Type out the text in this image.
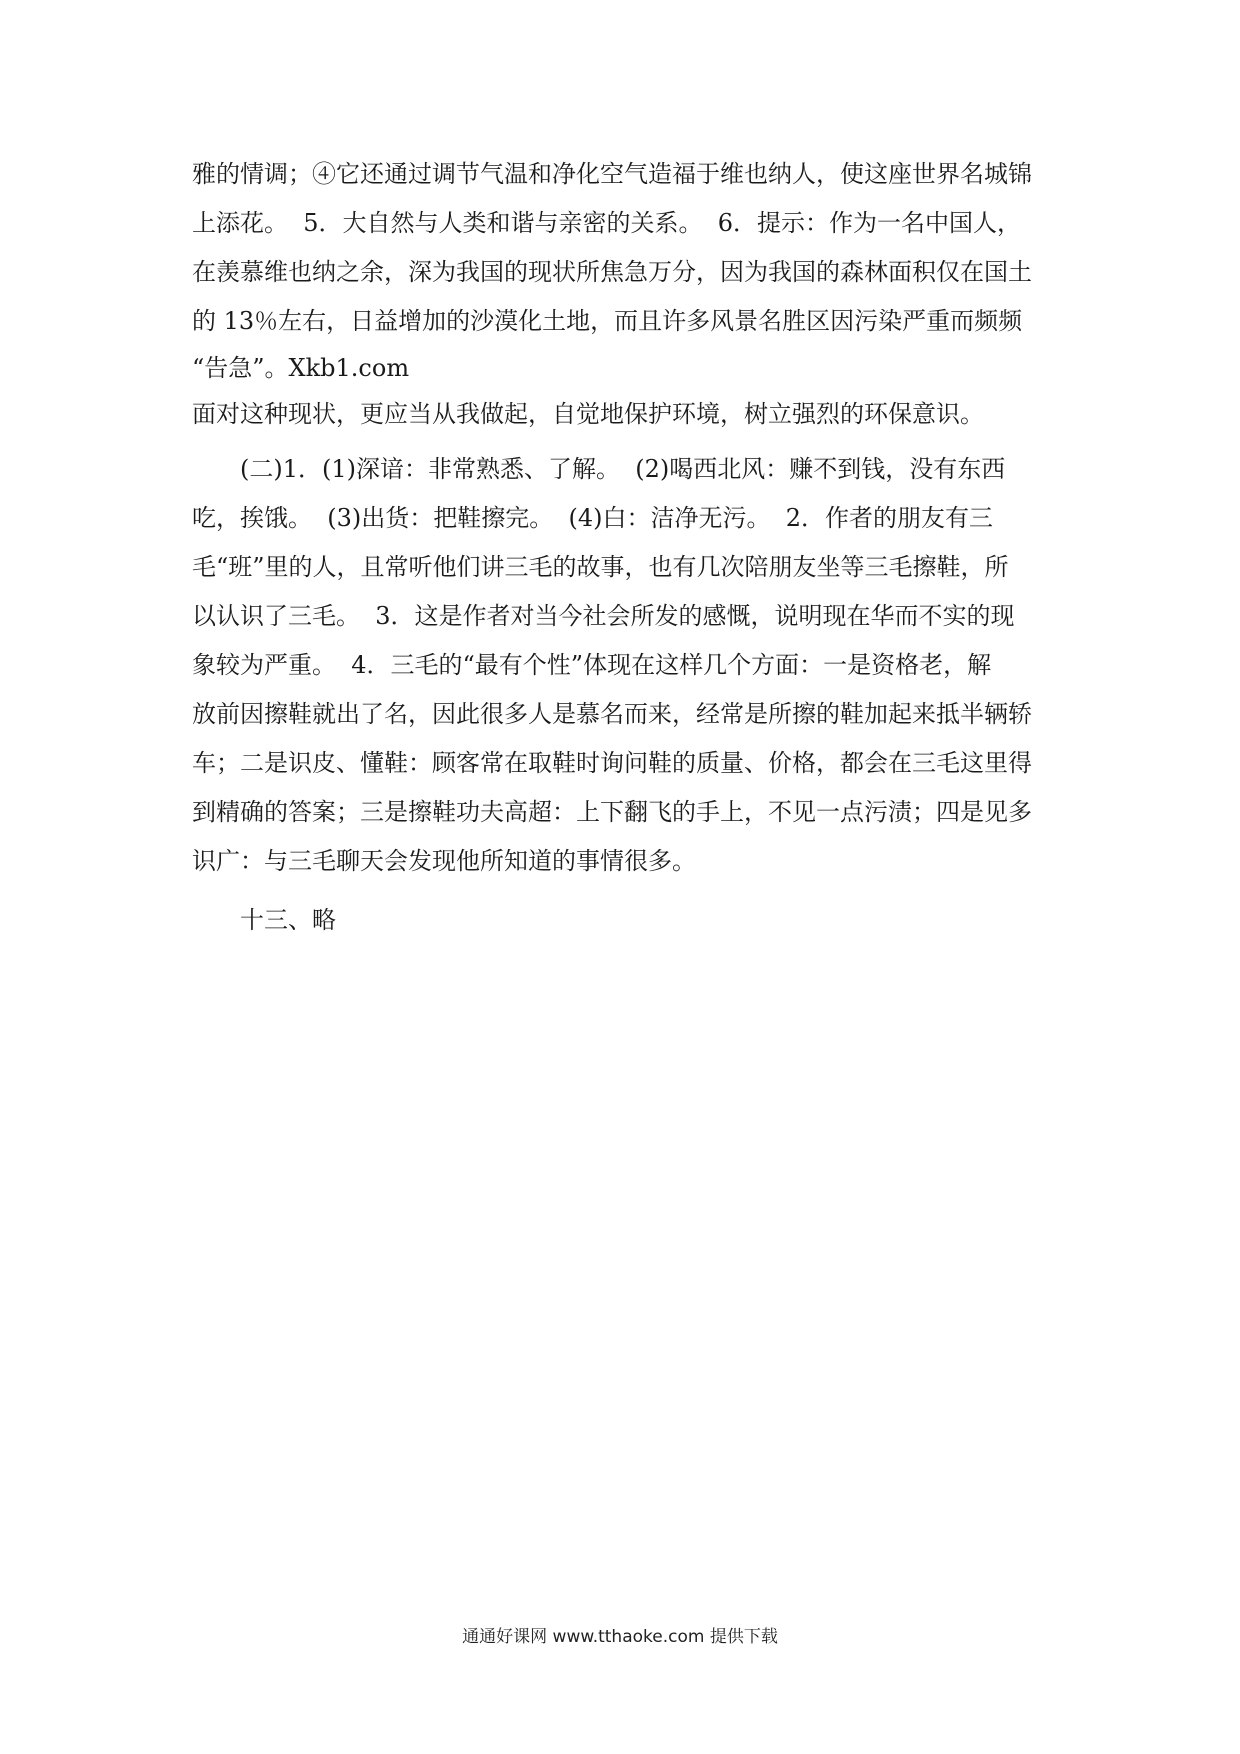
雅的情调；④它还通过调节气温和净化空气造福于维也纳人，使这座世界名城锦
上添花。  5．大自然与人类和谐与亲密的关系。  6．提示：作为一名中国人，
在羡慕维也纳之余，深为我国的现状所焦急万分，因为我国的森林面积仅在国土
的 13％左右，日益增加的沙漠化土地，而且许多风景名胜区因污染严重而频频
“告急”。Xkb1.com
面对这种现状，更应当从我做起，自觉地保护环境，树立强烈的环保意识。
(二)1．(1)深谙：非常熟悉、了解。  (2)喝西北风：赚不到钱，没有东西
吃，挨饿。  (3)出货：把鞋擦完。  (4)白：洁净无污。  2．作者的朋友有三
毛“班”里的人，且常听他们讲三毛的故事，也有几次陪朋友坐等三毛擦鞋，所
以认识了三毛。  3．这是作者对当今社会所发的感慨，说明现在华而不实的现
象较为严重。  4．三毛的“最有个性”体现在这样几个方面：一是资格老，解
放前因擦鞋就出了名，因此很多人是慕名而来，经常是所擦的鞋加起来抵半辆轿
车；二是识皮、懂鞋：顾客常在取鞋时询问鞋的质量、价格，都会在三毛这里得
到精确的答案；三是擦鞋功夫高超：上下翻飞的手上，不见一点污渍；四是见多
识广：与三毛聊天会发现他所知道的事情很多。
十三、略
通通好课网 www.tthaoke.com 提供下载
